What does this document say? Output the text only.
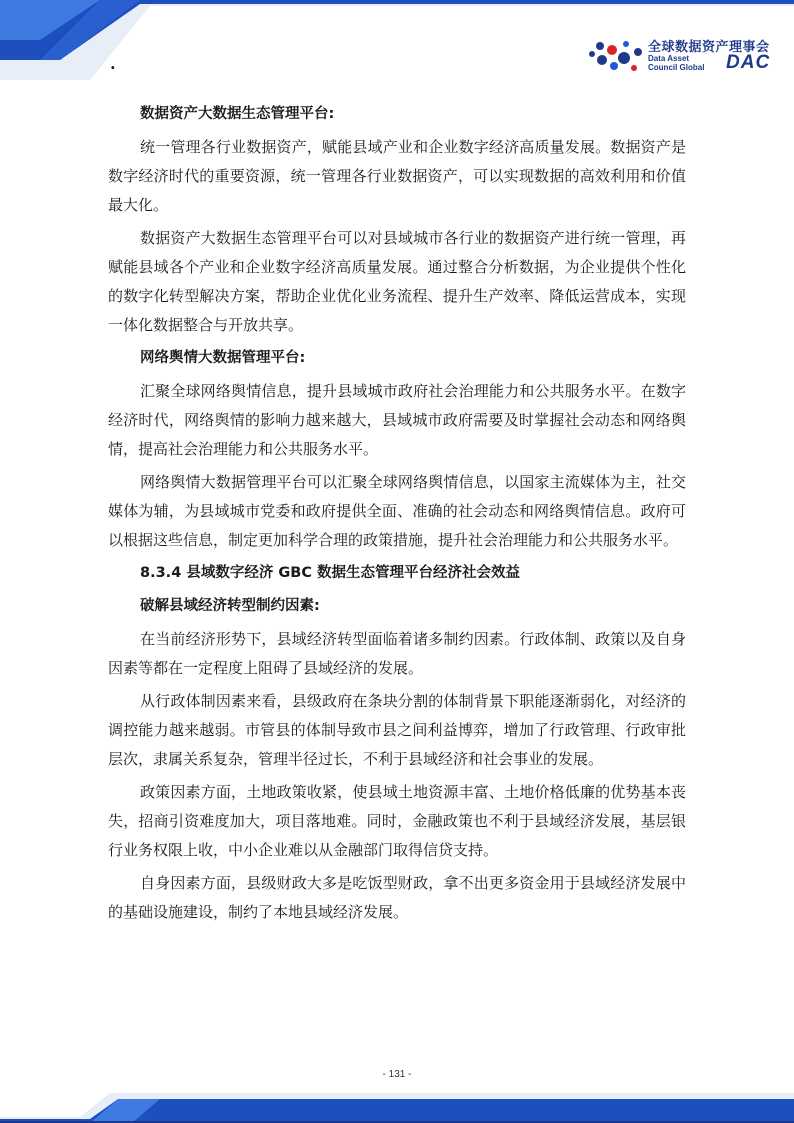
·
全球数据资产理事会
Data Asset
Council Global DAC

数据资产大数据生态管理平台:

统一管理各行业数据资产，赋能县域产业和企业数字经济高质量发展。数据资产是数字经济时代的重要资源，统一管理各行业数据资产，可以实现数据的高效利用和价值最大化。

数据资产大数据生态管理平台可以对县域城市各行业的数据资产进行统一管理，再赋能县域各个产业和企业数字经济高质量发展。通过整合分析数据，为企业提供个性化的数字化转型解决方案，帮助企业优化业务流程、提升生产效率、降低运营成本，实现一体化数据整合与开放共享。

网络舆情大数据管理平台:

汇聚全球网络舆情信息，提升县域城市政府社会治理能力和公共服务水平。在数字经济时代，网络舆情的影响力越来越大，县域城市政府需要及时掌握社会动态和网络舆情，提高社会治理能力和公共服务水平。

网络舆情大数据管理平台可以汇聚全球网络舆情信息，以国家主流媒体为主，社交媒体为辅，为县域城市党委和政府提供全面、准确的社会动态和网络舆情信息。政府可以根据这些信息，制定更加科学合理的政策措施，提升社会治理能力和公共服务水平。

8.3.4 县域数字经济 GBC 数据生态管理平台经济社会效益

破解县域经济转型制约因素:

在当前经济形势下，县域经济转型面临着诸多制约因素。行政体制、政策以及自身因素等都在一定程度上阻碍了县域经济的发展。

从行政体制因素来看，县级政府在条块分割的体制背景下职能逐渐弱化，对经济的调控能力越来越弱。市管县的体制导致市县之间利益博弈，增加了行政管理、行政审批层次，隶属关系复杂，管理半径过长，不利于县域经济和社会事业的发展。

政策因素方面，土地政策收紧，使县域土地资源丰富、土地价格低廉的优势基本丧失，招商引资难度加大，项目落地难。同时，金融政策也不利于县域经济发展，基层银行业务权限上收，中小企业难以从金融部门取得信贷支持。

自身因素方面，县级财政大多是吃饭型财政，拿不出更多资金用于县域经济发展中的基础设施建设，制约了本地县域经济发展。

- 131 -
